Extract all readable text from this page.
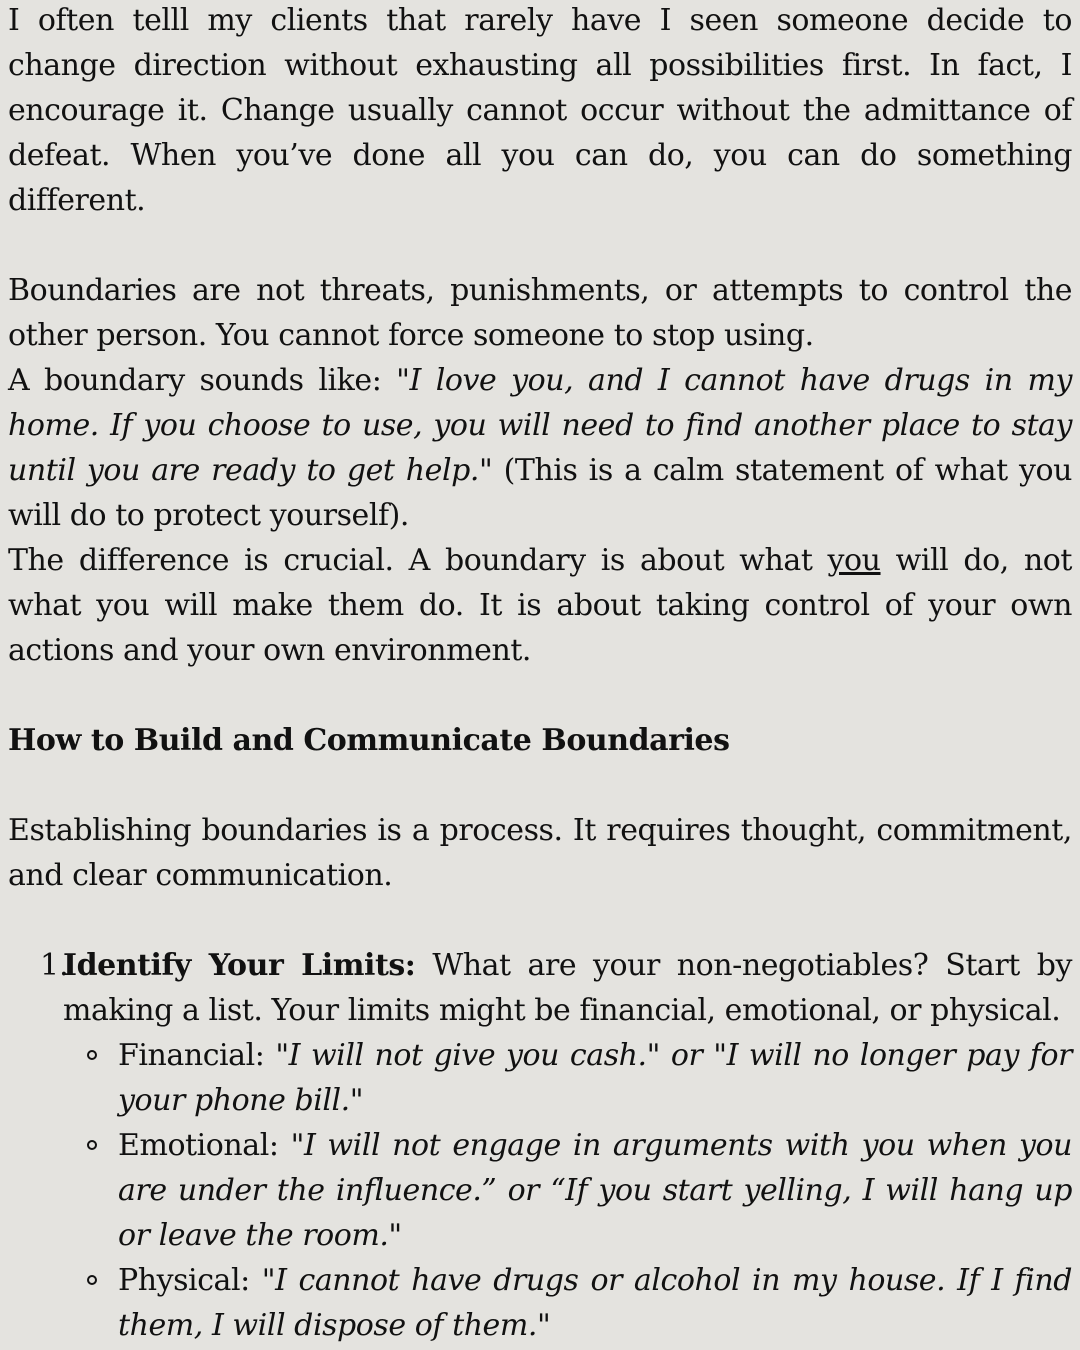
I often telll my clients that rarely have I seen someone decide to change direction without exhausting all possibilities first. In fact, I encourage it. Change usually cannot occur without the admittance of defeat. When you’ve done all you can do, you can do something different.

Boundaries are not threats, punishments, or attempts to control the other person. You cannot force someone to stop using.

A boundary sounds like: "I love you, and I cannot have drugs in my home. If you choose to use, you will need to find another place to stay until you are ready to get help." (This is a calm statement of what you will do to protect yourself).

The difference is crucial. A boundary is about what you will do, not what you will make them do. It is about taking control of your own actions and your own environment.

How to Build and Communicate Boundaries

Establishing boundaries is a process. It requires thought, commitment, and clear communication.

1.

Identify Your Limits: What are your non-negotiables? Start by making a list. Your limits might be financial, emotional, or physical.

Financial: "I will not give you cash." or "I will no longer pay for your phone bill."

Emotional: "I will not engage in arguments with you when you are under the influence.” or “If you start yelling, I will hang up or leave the room."

Physical: "I cannot have drugs or alcohol in my house. If I find them, I will dispose of them."
